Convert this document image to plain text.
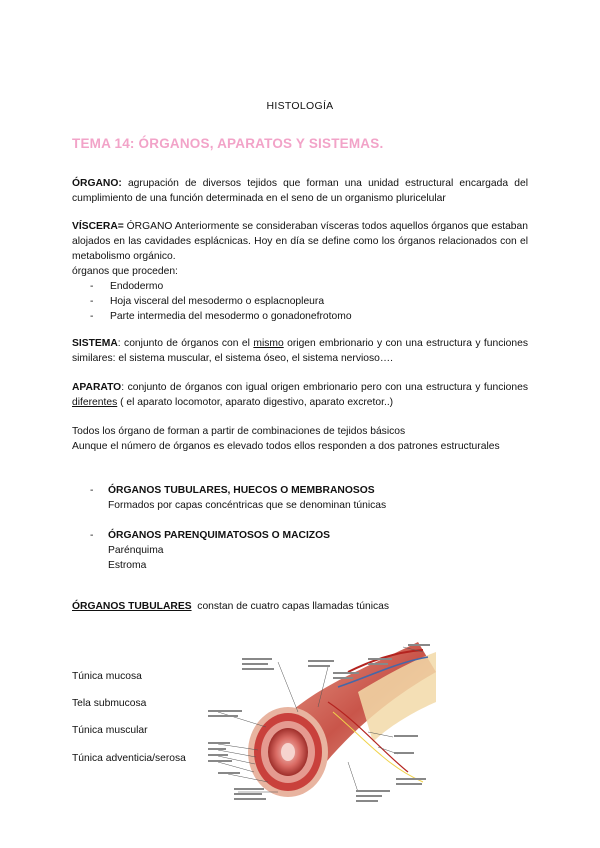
HISTOLOGÍA
TEMA 14: ÓRGANOS, APARATOS Y SISTEMAS.
ÓRGANO: agrupación de diversos tejidos que forman una unidad estructural encargada del cumplimiento de una función determinada en el seno de un organismo pluricelular
VÍSCERA= ÓRGANO Anteriormente se consideraban vísceras todos aquellos órganos que estaban alojados en las cavidades esplácnicas. Hoy en día se define como los órganos relacionados con el metabolismo orgánico.
órganos que proceden:
- Endodermo
- Hoja visceral del mesodermo o esplacnopleura
- Parte intermedia del mesodermo o gonadonefrotomo
SISTEMA: conjunto de órganos con el mismo origen embrionario y con una estructura y funciones similares: el sistema muscular, el sistema óseo, el sistema nervioso….
APARATO: conjunto de órganos con igual origen embrionario pero con una estructura y funciones diferentes ( el aparato locomotor, aparato digestivo, aparato excretor..)
Todos los órgano de forman a partir de combinaciones de tejidos básicos
Aunque el número de órganos es elevado todos ellos responden a dos patrones estructurales
- ÓRGANOS TUBULARES, HUECOS O MEMBRANOSOS
Formados por capas concéntricas que se denominan túnicas
- ÓRGANOS PARENQUIMATOSOS O MACIZOS
Parénquima
Estroma
ÓRGANOS TUBULARES constan de cuatro capas llamadas túnicas
Túnica mucosa
Tela submucosa
Túnica muscular
Túnica adventicia/serosa
